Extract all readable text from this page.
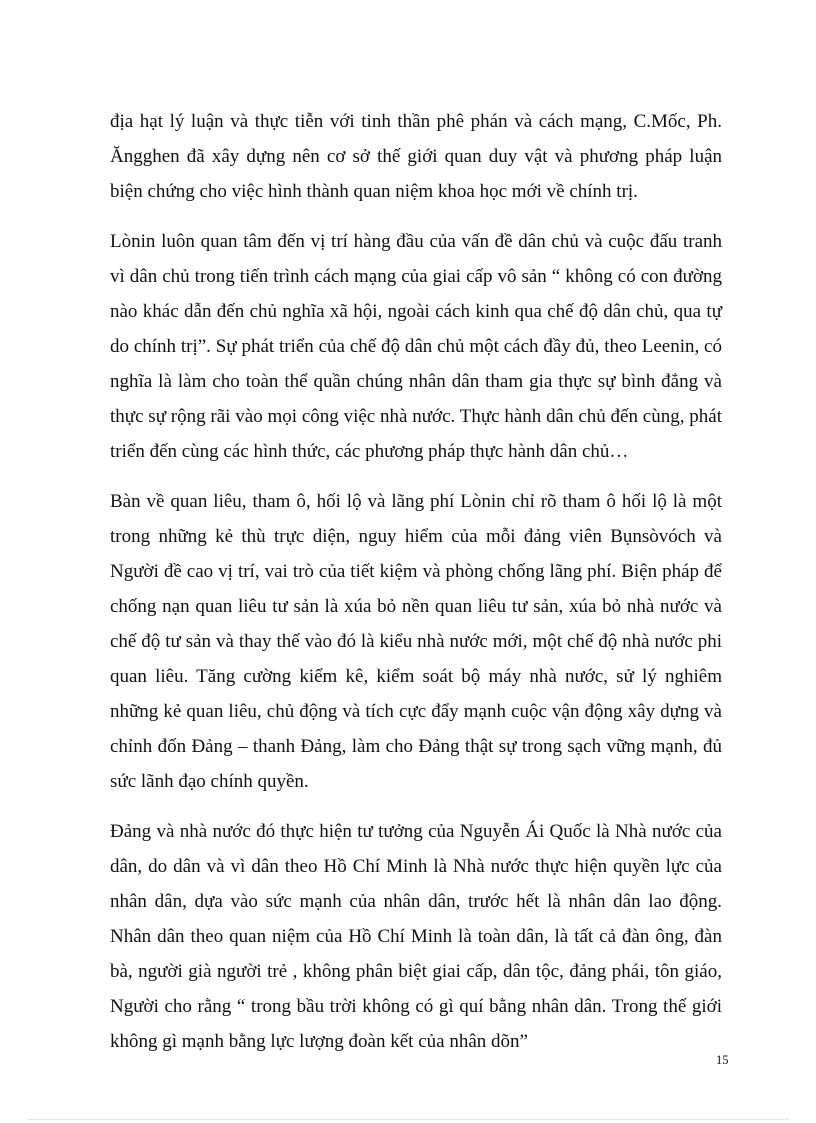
địa hạt lý luận và thực tiễn với tinh thần phê phán và cách mạng, C.Mốc, Ph. Ăngghen đã xây dựng nên cơ sở thế giới quan duy vật và phương pháp luận biện chứng cho việc hình thành quan niệm khoa học mới về chính trị.

Lònin luôn quan tâm đến vị trí hàng đầu của vấn đề dân chủ và cuộc đấu tranh vì dân chủ trong tiến trình cách mạng của giai cấp vô sản “ không có con đường nào khác dẫn đến chủ nghĩa xã hội, ngoài cách kinh qua chế độ dân chủ, qua tự do chính trị”. Sự phát triển của chế độ dân chủ một cách đầy đủ, theo Leenin, có nghĩa là làm cho toàn thể quần chúng nhân dân tham gia thực sự bình đẳng và thực sự rộng rãi vào mọi công việc nhà nước. Thực hành dân chủ đến cùng, phát triển đến cùng các hình thức, các phương pháp thực hành dân chủ…

Bàn về quan liêu, tham ô, hối lộ và lãng phí Lònin chỉ rõ tham ô hối lộ là một trong những kẻ thù trực diện, nguy hiểm của mỗi đảng viên Bụnsòvóch và Người đề cao vị trí, vai trò của tiết kiệm và phòng chống lãng phí. Biện pháp để chống nạn quan liêu tư sản là xúa bỏ nền quan liêu tư sản, xúa bỏ nhà nước và chế độ tư sản và thay thế vào đó là kiểu nhà nước mới, một chế độ nhà nước phi quan liêu. Tăng cường kiểm kê, kiểm soát bộ máy nhà nước, sử lý nghiêm những kẻ quan liêu, chủ động và tích cực đẩy mạnh cuộc vận động xây dựng và chỉnh đốn Đảng – thanh Đảng, làm cho Đảng thật sự trong sạch vững mạnh, đủ sức lãnh đạo chính quyền.

Đảng và nhà nước đó thực hiện tư tưởng của Nguyễn Ái Quốc là Nhà nước của dân, do dân và vì dân theo Hồ Chí Minh là Nhà nước thực hiện quyền lực của nhân dân, dựa vào sức mạnh của nhân dân, trước hết là nhân dân lao động. Nhân dân theo quan niệm của Hồ Chí Minh là toàn dân, là tất cả đàn ông, đàn bà, người già người trẻ , không phân biệt giai cấp, dân tộc, đảng phái, tôn giáo, Người cho rằng “ trong bầu trời không có gì quí bằng nhân dân. Trong thế giới không gì mạnh bằng lực lượng đoàn kết của nhân dõn”

15
